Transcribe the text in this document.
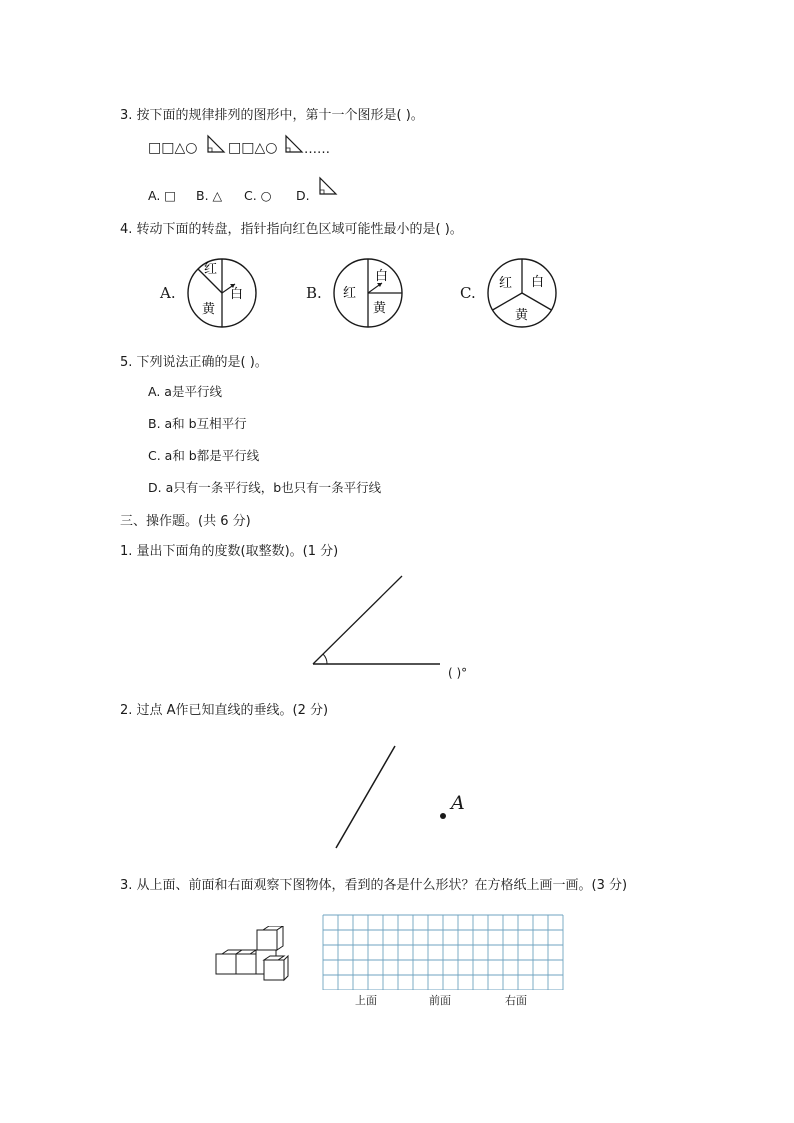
3. 按下面的规律排列的图形中，第十一个图形是( )。
□□△○ □□△○ ……
A. □ B. △ C. ○ D.
4. 转动下面的转盘，指针指向红色区域可能性最小的是( )。
A.
红
白
黄
B. 红
白
黄
C.
红 白
黄
5. 下列说法正确的是( )。
A. a是平行线
B. a和 b互相平行
C. a和 b都是平行线
D. a只有一条平行线，b也只有一条平行线
三、操作题。(共 6 分)
1. 量出下面角的度数(取整数)。(1 分)
( )°
2. 过点 A作已知直线的垂线。(2 分)
A
3. 从上面、前面和右面观察下图物体，看到的各是什么形状？在方格纸上画一画。(3 分)
上面	前面	右面
